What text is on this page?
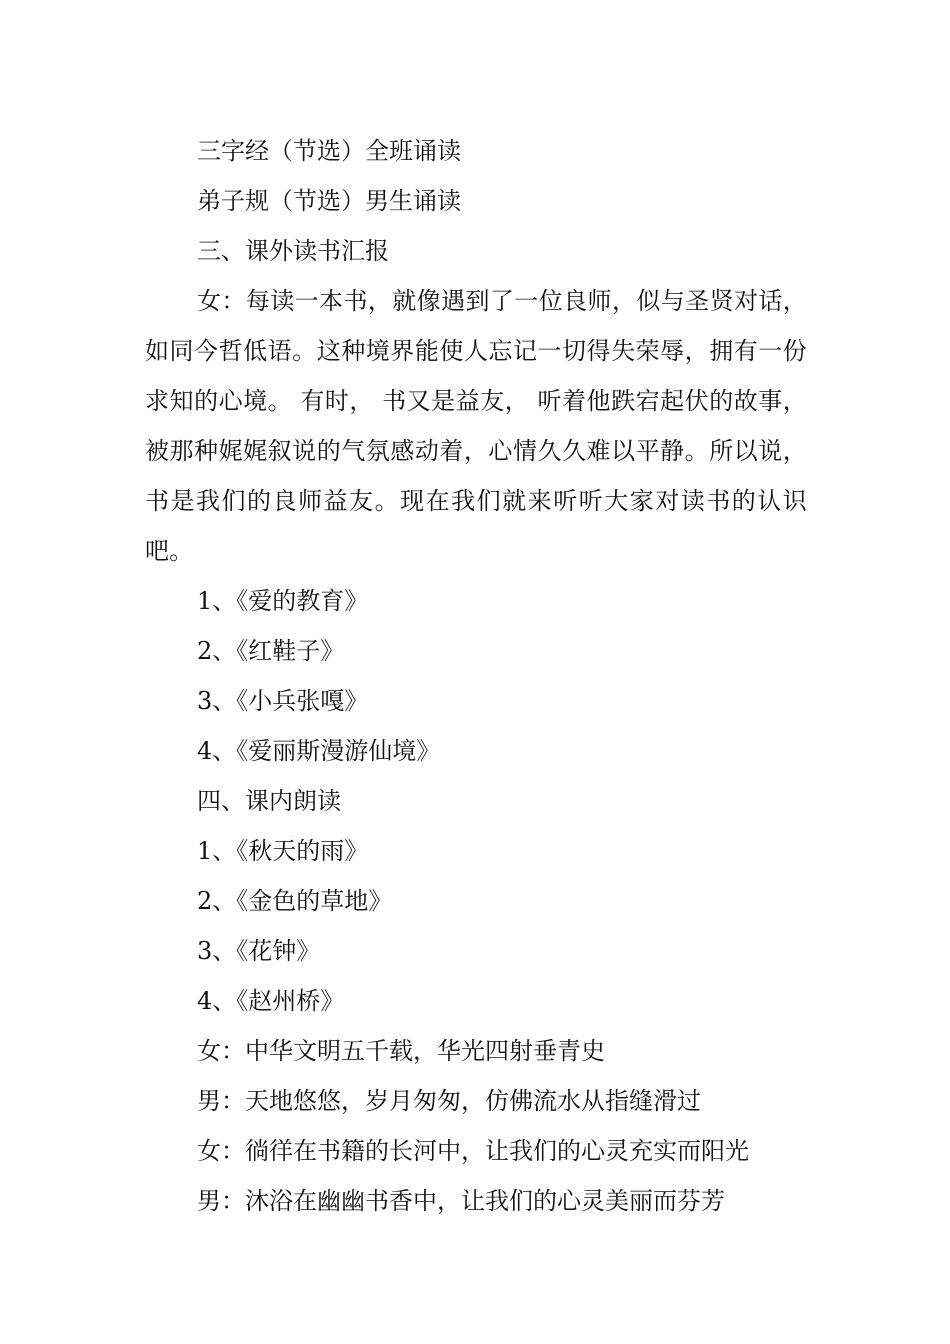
三字经（节选）全班诵读

弟子规（节选）男生诵读

三、课外读书汇报

女：每读一本书，就像遇到了一位良师，似与圣贤对话，如同今哲低语。这种境界能使人忘记一切得失荣辱，拥有一份求知的心境。 有时， 书又是益友， 听着他跌宕起伏的故事，被那种娓娓叙说的气氛感动着，心情久久难以平静。所以说，书是我们的良师益友。现在我们就来听听大家对读书的认识吧。

1、《爱的教育》

2、《红鞋子》

3、《小兵张嘎》

4、《爱丽斯漫游仙境》

四、课内朗读

1、《秋天的雨》

2、《金色的草地》

3、《花钟》

4、《赵州桥》

女：中华文明五千载，华光四射垂青史

男：天地悠悠，岁月匆匆，仿佛流水从指缝滑过

女：徜徉在书籍的长河中，让我们的心灵充实而阳光

男：沐浴在幽幽书香中，让我们的心灵美丽而芬芳
